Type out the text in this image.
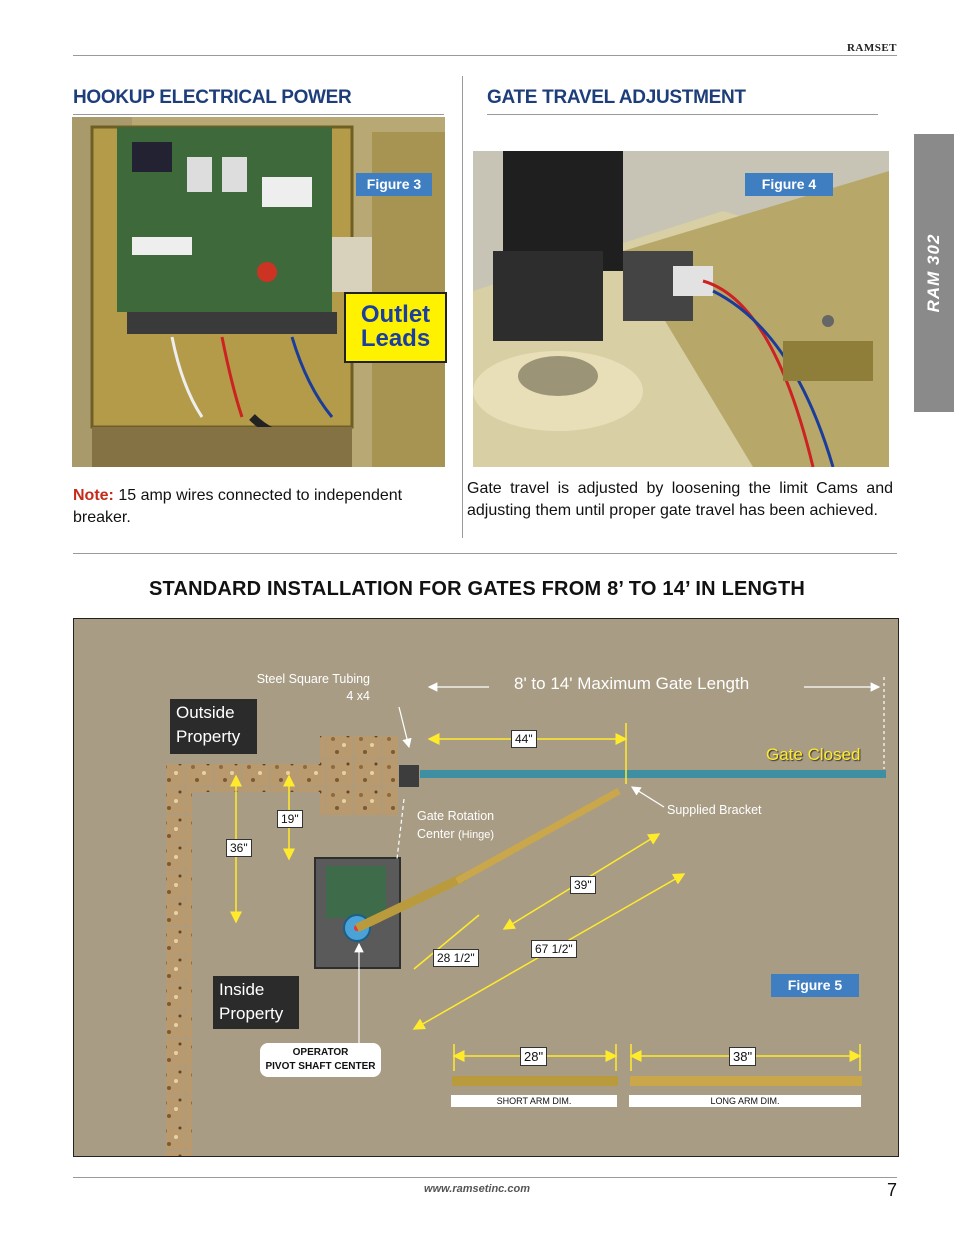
RAMSET
RAM 302
HOOKUP ELECTRICAL POWER
Figure 3
Outlet
Leads
Note: 15 amp wires connected to independent breaker.
GATE TRAVEL ADJUSTMENT
Figure 4
Gate travel is adjusted by loosening the limit Cams and adjusting them until proper gate travel has been achieved.
STANDARD INSTALLATION FOR GATES FROM 8’ TO 14’ IN LENGTH
Steel Square Tubing
4 x4
Outside
Property
8' to 14' Maximum Gate Length
Gate Closed
44"
19"
36"
39"
28 1/2"
67 1/2"
Gate Rotation
Center (Hinge)
Supplied Bracket
Inside
Property
Figure 5
OPERATOR
PIVOT SHAFT CENTER
28"	38"
SHORT ARM DIM.	LONG ARM DIM.
www.ramsetinc.com	7
